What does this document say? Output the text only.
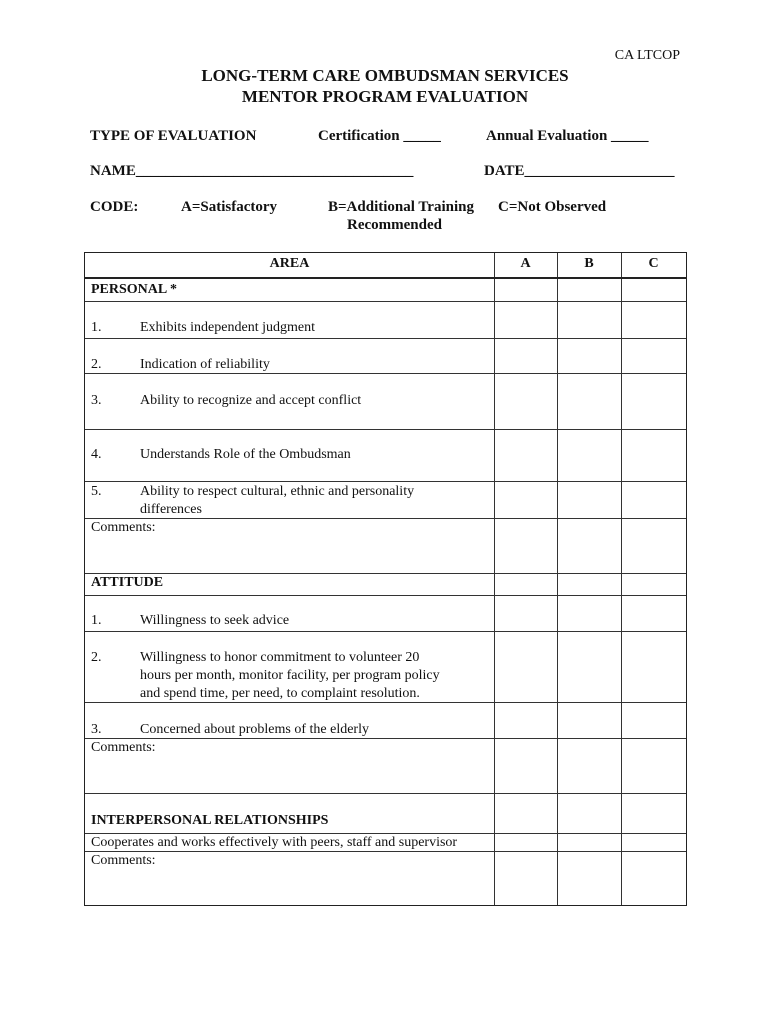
CA LTCOP
LONG-TERM CARE OMBUDSMAN SERVICES
MENTOR PROGRAM EVALUATION
TYPE OF EVALUATION	Certification _____	Annual Evaluation _____
NAME_____________________________________	DATE____________________
CODE:	A=Satisfactory	B=Additional Training
Recommended
C=Not Observed
AREA	A	B	C
PERSONAL *
1.	Exhibits independent judgment
2.	Indication of reliability
3.	Ability to recognize and accept conflict
4.	Understands Role of the Ombudsman
5.	Ability to respect cultural, ethnic and personality
differences
Comments:
ATTITUDE
1.	Willingness to seek advice
2.	Willingness to honor commitment to volunteer 20
hours per month, monitor facility, per program policy
and spend time, per need, to complaint resolution.
3.	Concerned about problems of the elderly
Comments:
INTERPERSONAL RELATIONSHIPS
Cooperates and works effectively with peers, staff and supervisor
Comments:
